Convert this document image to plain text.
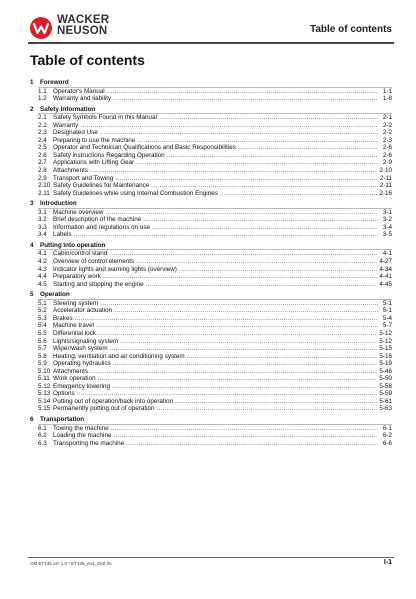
WACKER
NEUSON	Table of contents
Table of contents
1	Foreword
1.1 Operator's Manual .....	1-1
1.2 Warranty and liability .....	1-8
2	Safety Information
2.1 Safety Symbols Found in this Manual .....	2-1
2.2 Warranty .....	2-2
2.3 Designated Use .....	2-2
2.4 Preparing to use the machine .....	2-3
2.5 Operator and Technician Qualifications and Basic Responsibilities .....	2-6
2.6 Safety instructions Regarding Operation .....	2-6
2.7 Applications with Lifting Gear .....	2-9
2.8 Attachments .....	2-10
2.9 Transport and Towing .....	2-11
2.10 Safety Guidelines for Maintenance .....	2-11
2.11 Safety Guidelines while using Internal Combustion Engines .....	2-16
3	Introduction
3.1 Machine overview .....	3-1
3.2 Brief description of the machine .....	3-2
3.3 Information and regulations on use .....	3-4
3.4 Labels .....	3-5
4	Putting into operation
4.1 Cabin/control stand .....	4-1
4.2 Overview of control elements .....	4-27
4.3 Indicator lights and warning lights (overview) .....	4-34
4.4 Preparatory work .....	4-41
4.5 Starting and stopping the engine .....	4-45
5	Operation
5.1 Steering system .....	5-1
5.2 Accelerator actuation .....	5-1
5.3 Brakes .....	5-4
5.4 Machine travel .....	5-7
5.5 Differential lock .....	5-12
5.6 Lights/signaling system .....	5-12
5.7 Wiper/wash system .....	5-15
5.8 Heating, ventilation and air conditioning system .....	5-16
5.9 Operating hydraulics .....	5-19
5.10 Attachments .....	5-46
5.11 Work operation .....	5-50
5.12 Emergency lowering .....	5-58
5.13 Options .....	5-59
5.14 Putting out of operation/back into operation .....	5-61
5.15 Permanently putting out of operation .....	5-63
6	Transportation
6.1 Towing the machine .....	6-1
6.2 Loading the machine .....	6-2
6.3 Transporting the machine .....	6-6
OM ET145 us* 1.0 * ET145_en1_0VZ.fm	I-1
